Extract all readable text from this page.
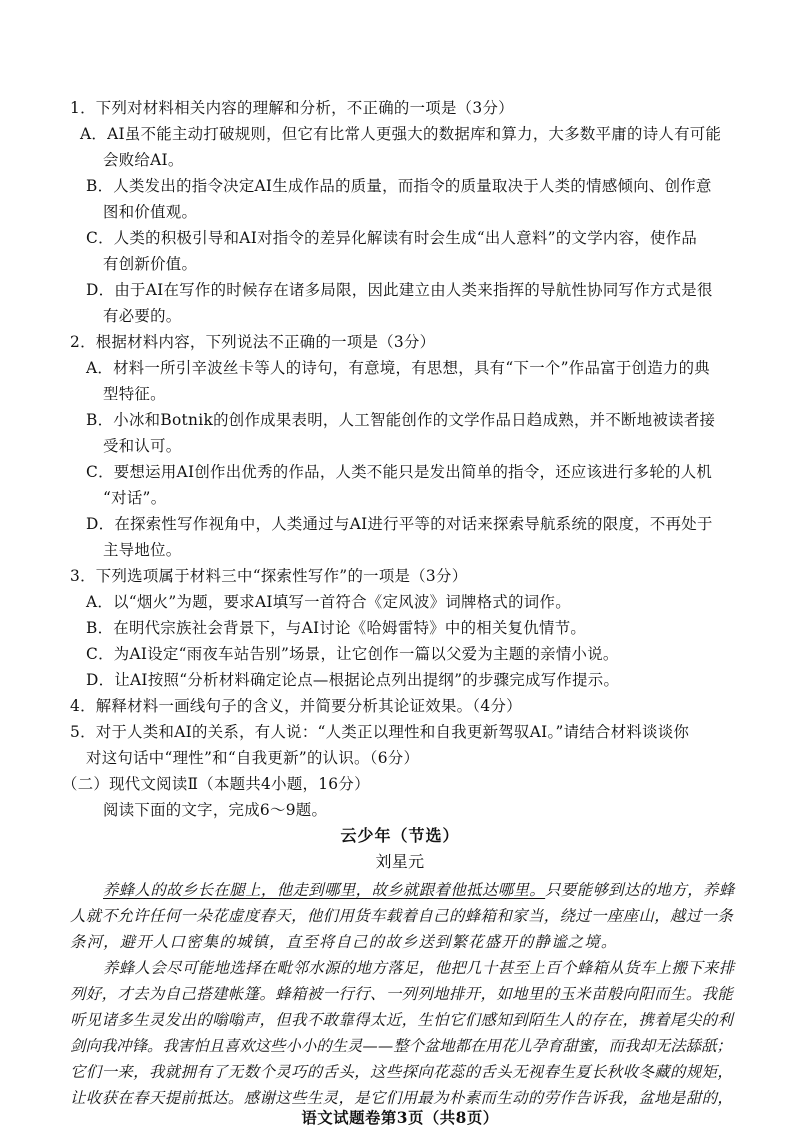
1．下列对材料相关内容的理解和分析，不正确的一项是（3分）
A．AI虽不能主动打破规则，但它有比常人更强大的数据库和算力，大多数平庸的诗人有可能
会败给AI。
B．人类发出的指令决定AI生成作品的质量，而指令的质量取决于人类的情感倾向、创作意
图和价值观。
C．人类的积极引导和AI对指令的差异化解读有时会生成“出人意料”的文学内容，使作品
有创新价值。
D．由于AI在写作的时候存在诸多局限，因此建立由人类来指挥的导航性协同写作方式是很
有必要的。
2．根据材料内容，下列说法不正确的一项是（3分）
A．材料一所引辛波丝卡等人的诗句，有意境，有思想，具有“下一个”作品富于创造力的典
型特征。
B．小冰和Botnik的创作成果表明，人工智能创作的文学作品日趋成熟，并不断地被读者接
受和认可。
C．要想运用AI创作出优秀的作品，人类不能只是发出简单的指令，还应该进行多轮的人机
“对话”。
D．在探索性写作视角中，人类通过与AI进行平等的对话来探索导航系统的限度，不再处于
主导地位。
3．下列选项属于材料三中“探索性写作”的一项是（3分）
A．以“烟火”为题，要求AI填写一首符合《定风波》词牌格式的词作。
B．在明代宗族社会背景下，与AI讨论《哈姆雷特》中的相关复仇情节。
C．为AI设定“雨夜车站告别”场景，让它创作一篇以父爱为主题的亲情小说。
D．让AI按照“分析材料确定论点—根据论点列出提纲”的步骤完成写作提示。
4．解释材料一画线句子的含义，并简要分析其论证效果。（4分）
5．对于人类和AI的关系，有人说：“人类正以理性和自我更新驾驭AI。”请结合材料谈谈你
对这句话中“理性”和“自我更新”的认识。（6分）
（二）现代文阅读Ⅱ（本题共4小题，16分）
阅读下面的文字，完成6～9题。
云少年（节选）
刘星元
养蜂人的故乡长在腿上，他走到哪里，故乡就跟着他抵达哪里。只要能够到达的地方，养蜂
人就不允许任何一朵花虚度春天，他们用货车载着自己的蜂箱和家当，绕过一座座山，越过一条
条河，避开人口密集的城镇，直至将自己的故乡送到繁花盛开的静谧之境。
养蜂人会尽可能地选择在毗邻水源的地方落足，他把几十甚至上百个蜂箱从货车上搬下来排
列好，才去为自己搭建帐篷。蜂箱被一行行、一列列地排开，如地里的玉米苗般向阳而生。我能
听见诸多生灵发出的嗡嗡声，但我不敢靠得太近，生怕它们感知到陌生人的存在，携着尾尖的利
剑向我冲锋。我害怕且喜欢这些小小的生灵——整个盆地都在用花儿孕育甜蜜，而我却无法舔舐；
它们一来，我就拥有了无数个灵巧的舌头，这些探向花蕊的舌头无视春生夏长秋收冬藏的规矩，
让收获在春天提前抵达。感谢这些生灵，是它们用最为朴素而生动的劳作告诉我，盆地是甜的，
语文试题卷第3页（共8页）
